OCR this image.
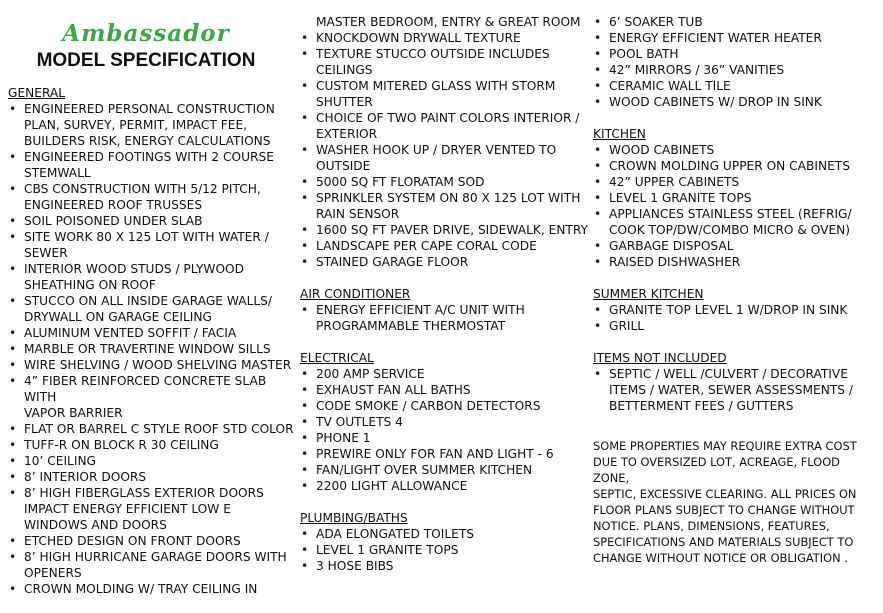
Ambassador
MODEL SPECIFICATION
GENERAL
• ENGINEERED PERSONAL CONSTRUCTION
PLAN, SURVEY, PERMIT, IMPACT FEE,
BUILDERS RISK, ENERGY CALCULATIONS
• ENGINEERED FOOTINGS WITH 2 COURSE
STEMWALL
• CBS CONSTRUCTION WITH 5/12 PITCH,
ENGINEERED ROOF TRUSSES
• SOIL POISONED UNDER SLAB
• SITE WORK 80 X 125 LOT WITH WATER /
SEWER
• INTERIOR WOOD STUDS / PLYWOOD
SHEATHING ON ROOF
• STUCCO ON ALL INSIDE GARAGE WALLS/
DRYWALL ON GARAGE CEILING
• ALUMINUM VENTED SOFFIT / FACIA
• MARBLE OR TRAVERTINE WINDOW SILLS
• WIRE SHELVING / WOOD SHELVING MASTER
• 4” FIBER REINFORCED CONCRETE SLAB WITH
VAPOR BARRIER
• FLAT OR BARREL C STYLE ROOF STD COLOR
• TUFF-R ON BLOCK R 30 CEILING
• 10’ CEILING
• 8’ INTERIOR DOORS
• 8’ HIGH FIBERGLASS EXTERIOR DOORS
IMPACT ENERGY EFFICIENT LOW E
WINDOWS AND DOORS
• ETCHED DESIGN ON FRONT DOORS
• 8’ HIGH HURRICANE GARAGE DOORS WITH
OPENERS
• CROWN MOLDING W/ TRAY CEILING IN
MASTER BEDROOM, ENTRY & GREAT ROOM
• KNOCKDOWN DRYWALL TEXTURE
• TEXTURE STUCCO OUTSIDE INCLUDES
CEILINGS
• CUSTOM MITERED GLASS WITH STORM
SHUTTER
• CHOICE OF TWO PAINT COLORS INTERIOR /
EXTERIOR
• WASHER HOOK UP / DRYER VENTED TO
OUTSIDE
• 5000 SQ FT FLORATAM SOD
• SPRINKLER SYSTEM ON 80 X 125 LOT WITH
RAIN SENSOR
• 1600 SQ FT PAVER DRIVE, SIDEWALK, ENTRY
• LANDSCAPE PER CAPE CORAL CODE
• STAINED GARAGE FLOOR
AIR CONDITIONER
• ENERGY EFFICIENT A/C UNIT WITH
PROGRAMMABLE THERMOSTAT
ELECTRICAL
• 200 AMP SERVICE
• EXHAUST FAN ALL BATHS
• CODE SMOKE / CARBON DETECTORS
• TV OUTLETS 4
• PHONE 1
• PREWIRE ONLY FOR FAN AND LIGHT - 6
• FAN/LIGHT OVER SUMMER KITCHEN
• 2200 LIGHT ALLOWANCE
PLUMBING/BATHS
• ADA ELONGATED TOILETS
• LEVEL 1 GRANITE TOPS
• 3 HOSE BIBS
• 6’ SOAKER TUB
• ENERGY EFFICIENT WATER HEATER
• POOL BATH
• 42” MIRRORS / 36” VANITIES
• CERAMIC WALL TILE
• WOOD CABINETS W/ DROP IN SINK
KITCHEN
• WOOD CABINETS
• CROWN MOLDING UPPER ON CABINETS
• 42” UPPER CABINETS
• LEVEL 1 GRANITE TOPS
• APPLIANCES STAINLESS STEEL (REFRIG/
COOK TOP/DW/COMBO MICRO & OVEN)
• GARBAGE DISPOSAL
• RAISED DISHWASHER
SUMMER KITCHEN
• GRANITE TOP LEVEL 1 W/DROP IN SINK
• GRILL
ITEMS NOT INCLUDED
• SEPTIC / WELL /CULVERT / DECORATIVE
ITEMS / WATER, SEWER ASSESSMENTS /
BETTERMENT FEES / GUTTERS
SOME PROPERTIES MAY REQUIRE EXTRA COST
DUE TO OVERSIZED LOT, ACREAGE, FLOOD ZONE,
SEPTIC, EXCESSIVE CLEARING. ALL PRICES ON
FLOOR PLANS SUBJECT TO CHANGE WITHOUT
NOTICE. PLANS, DIMENSIONS, FEATURES,
SPECIFICATIONS AND MATERIALS SUBJECT TO
CHANGE WITHOUT NOTICE OR OBLIGATION .
